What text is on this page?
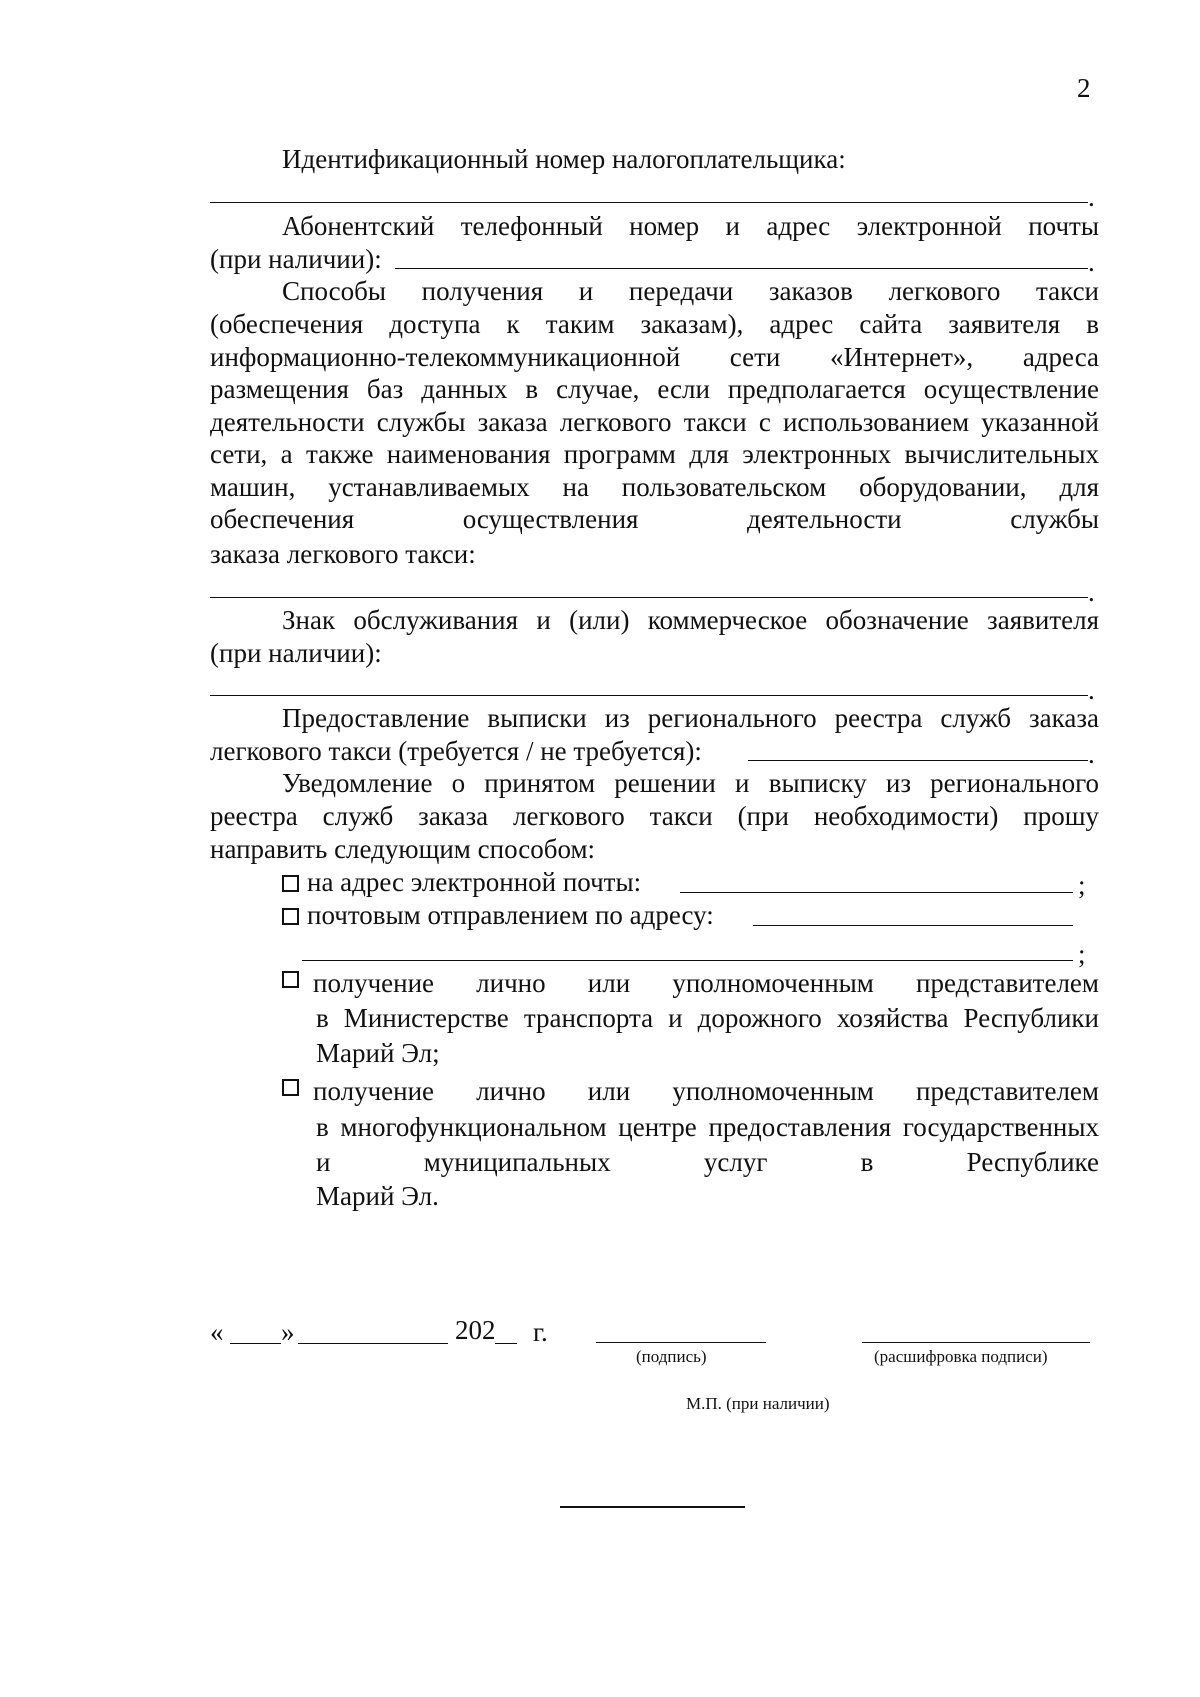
2
Идентификационный номер налогоплательщика:
.
Абонентский телефонный номер и адрес электронной почты
(при наличии):	.
Способы получения и передачи заказов легкового такси
(обеспечения доступа к таким заказам), адрес сайта заявителя в информационно-телекоммуникационной сети «Интернет», адреса размещения баз данных в случае, если предполагается осуществление деятельности службы заказа легкового такси с использованием указанной сети, а также наименования программ для электронных вычислительных машин, устанавливаемых на пользовательском оборудовании, для обеспечения осуществления деятельности службы
заказа легкового такси:
.
Знак обслуживания и (или) коммерческое обозначение заявителя
(при наличии):
.
Предоставление выписки из регионального реестра служб заказа
легкового такси (требуется / не требуется):	.
Уведомление о принятом решении и выписку из регионального
реестра служб заказа легкового такси (при необходимости) прошу
направить следующим способом:
на адрес электронной почты:	;
почтовым отправлением по адресу:
;
получение лично или уполномоченным представителем
в Министерстве транспорта и дорожного хозяйства Республики
Марий Эл;
получение лично или уполномоченным представителем
в многофункциональном центре предоставления государственных и муниципальных услуг в Республике
Марий Эл.
« »	202 г.
(подпись)	(расшифровка подписи)
М.П. (при наличии)
